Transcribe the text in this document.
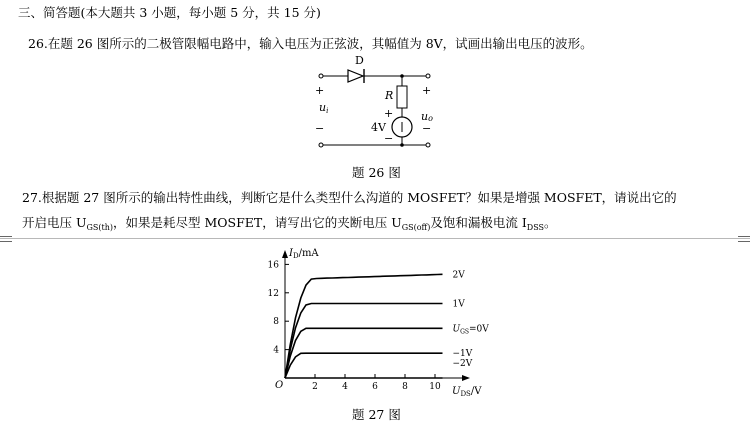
三、简答题(本大题共 3 小题，每小题 5 分，共 15 分)
26.在题 26 图所示的二极管限幅电路中，输入电压为正弦波，其幅值为 8V，试画出输出电压的波形。
D
R
+
−
4V
+
ui
−
+
uo
−
题 26 图
27.根据题 27 图所示的输出特性曲线，判断它是什么类型什么沟道的 MOSFET？如果是增强 MOSFET，请说出它的
开启电压 $U_{GS(th)}$，如果是耗尽型 MOSFET，请写出它的夹断电压 $U_{GS(off)}$及饱和漏极电流 $I_{DSS}$。
$I_D/mA$
$U_{DS}/V$
O
4
8
12
16
2	4	6	8 10
2V
1V
$U_{GS}=0V$
−1V
−2V
题 27 图
